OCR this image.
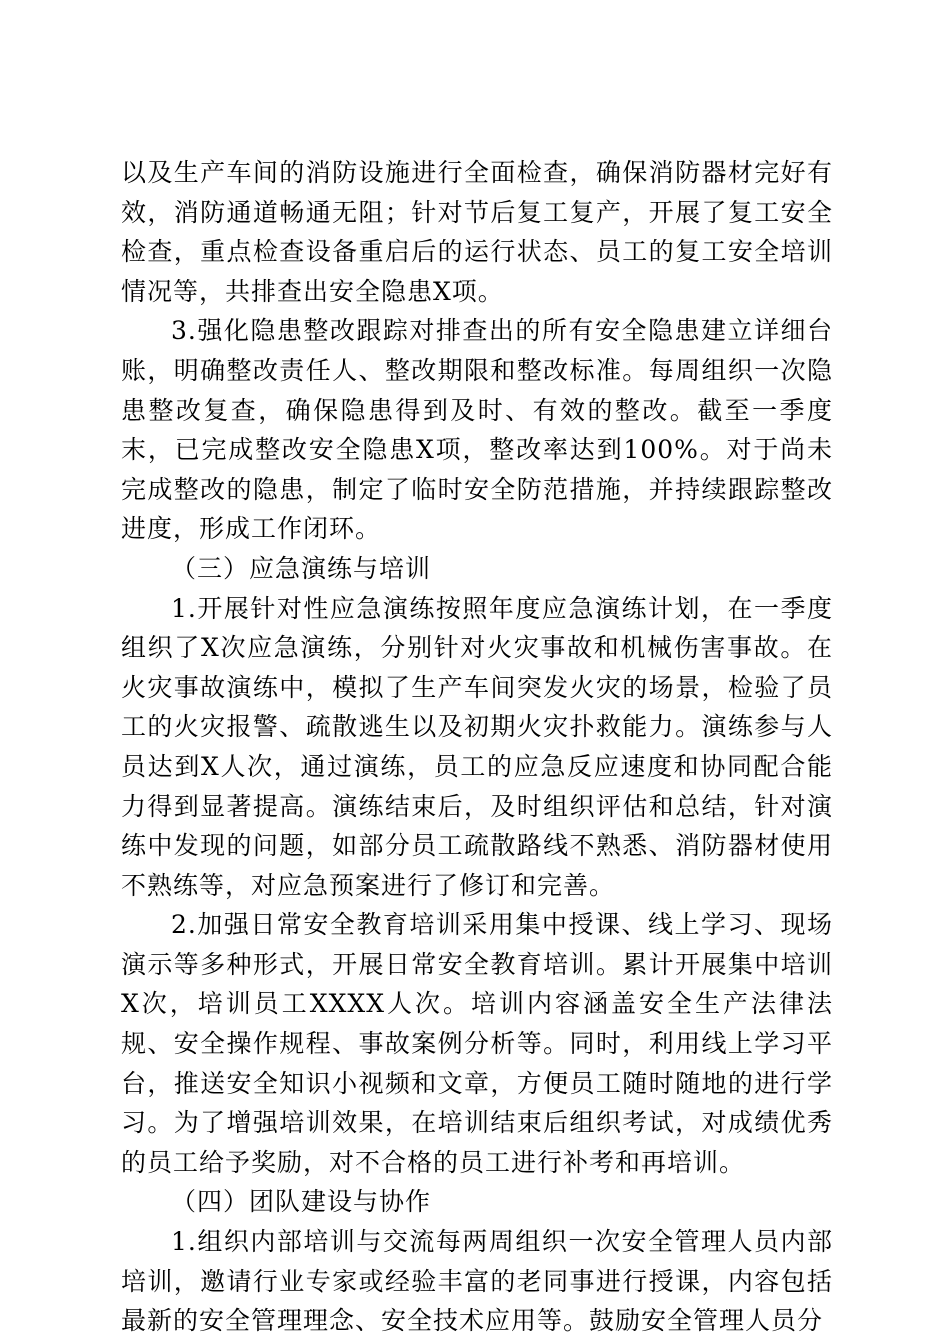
以及生产车间的消防设施进行全面检查，确保消防器材完好有效，消防通道畅通无阻；针对节后复工复产，开展了复工安全检查，重点检查设备重启后的运行状态、员工的复工安全培训情况等，共排查出安全隐患X项。

3.强化隐患整改跟踪对排查出的所有安全隐患建立详细台账，明确整改责任人、整改期限和整改标准。每周组织一次隐患整改复查，确保隐患得到及时、有效的整改。截至一季度末，已完成整改安全隐患X项，整改率达到100%。对于尚未完成整改的隐患，制定了临时安全防范措施，并持续跟踪整改进度，形成工作闭环。

（三）应急演练与培训

1.开展针对性应急演练按照年度应急演练计划，在一季度组织了X次应急演练，分别针对火灾事故和机械伤害事故。在火灾事故演练中，模拟了生产车间突发火灾的场景，检验了员工的火灾报警、疏散逃生以及初期火灾扑救能力。演练参与人员达到X人次，通过演练，员工的应急反应速度和协同配合能力得到显著提高。演练结束后，及时组织评估和总结，针对演练中发现的问题，如部分员工疏散路线不熟悉、消防器材使用不熟练等，对应急预案进行了修订和完善。

2.加强日常安全教育培训采用集中授课、线上学习、现场演示等多种形式，开展日常安全教育培训。累计开展集中培训X次，培训员工XXXX人次。培训内容涵盖安全生产法律法规、安全操作规程、事故案例分析等。同时，利用线上学习平台，推送安全知识小视频和文章，方便员工随时随地的进行学习。为了增强培训效果，在培训结束后组织考试，对成绩优秀的员工给予奖励，对不合格的员工进行补考和再培训。

（四）团队建设与协作

1.组织内部培训与交流每两周组织一次安全管理人员内部培训，邀请行业专家或经验丰富的老同事进行授课，内容包括最新的安全管理理念、安全技术应用等。鼓励安全管理人员分
